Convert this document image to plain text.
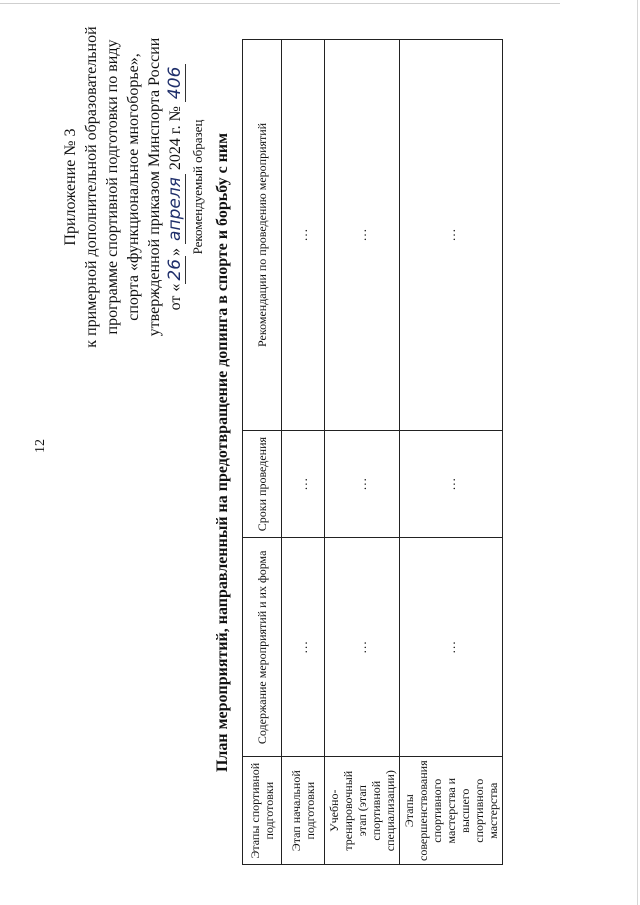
12
Приложение № 3 к примерной дополнительной образовательной программе спортивной подготовки по виду спорта «функциональное многоборье», утвержденной приказом Минспорта России от «26» апреля 2024 г. № 406
Рекомендуемый образец План мероприятий, направленный на предотвращение допинга в спорте и борьбу с ним
Этапы спортивной подготовки	Содержание мероприятий и их форма	Сроки проведения	Рекомендации по проведению мероприятий
Этап начальной подготовки	…	…	…
Учебно-тренировочный этап (этап спортивной специализации)	…	…	…
Этапы совершенствования спортивного мастерства и высшего спортивного мастерства	…	…	…
